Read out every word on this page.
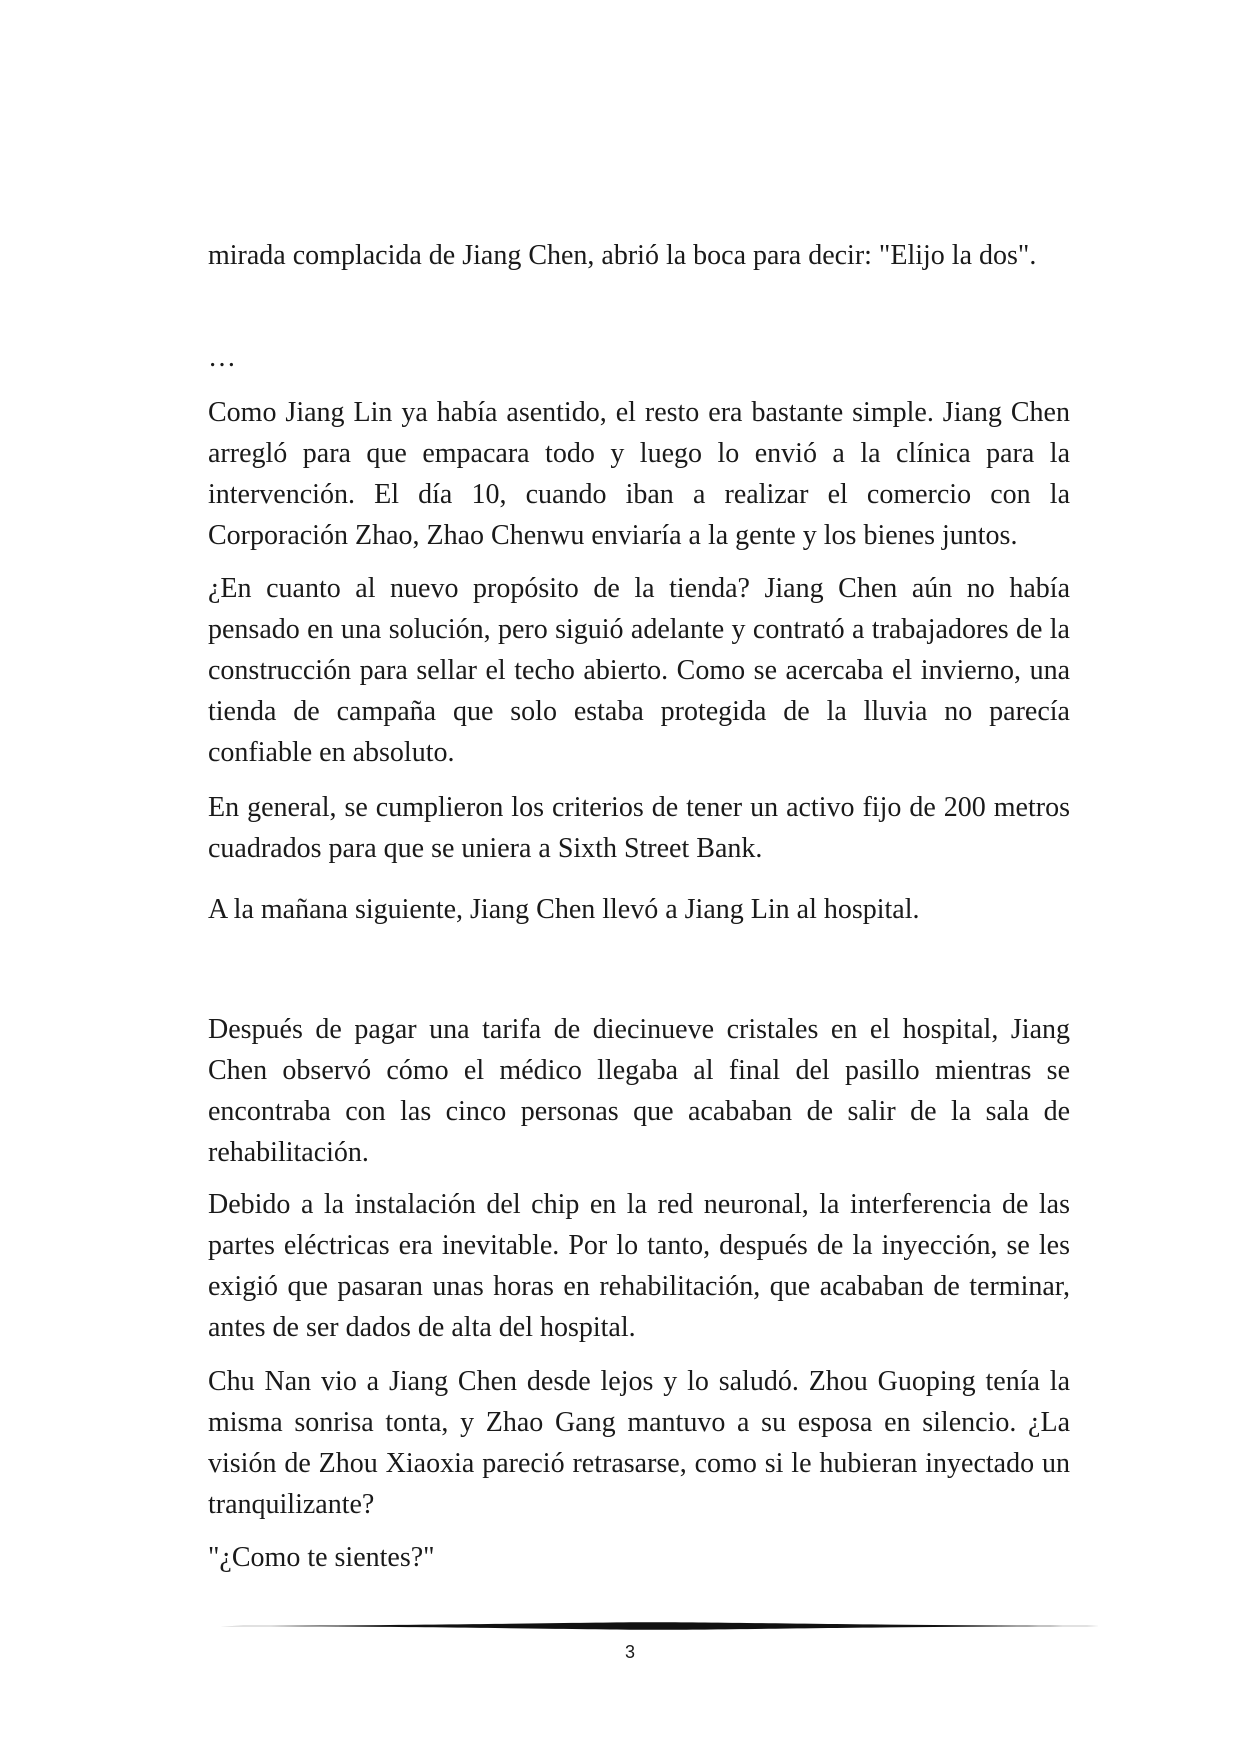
mirada complacida de Jiang Chen, abrió la boca para decir: "Elijo la dos".

…

Como Jiang Lin ya había asentido, el resto era bastante simple. Jiang Chen arregló para que empacara todo y luego lo envió a la clínica para la intervención. El día 10, cuando iban a realizar el comercio con la Corporación Zhao, Zhao Chenwu enviaría a la gente y los bienes juntos.

¿En cuanto al nuevo propósito de la tienda? Jiang Chen aún no había pensado en una solución, pero siguió adelante y contrató a trabajadores de la construcción para sellar el techo abierto. Como se acercaba el invierno, una tienda de campaña que solo estaba protegida de la lluvia no parecía confiable en absoluto.

En general, se cumplieron los criterios de tener un activo fijo de 200 metros cuadrados para que se uniera a Sixth Street Bank.

A la mañana siguiente, Jiang Chen llevó a Jiang Lin al hospital.

Después de pagar una tarifa de diecinueve cristales en el hospital, Jiang Chen observó cómo el médico llegaba al final del pasillo mientras se encontraba con las cinco personas que acababan de salir de la sala de rehabilitación.

Debido a la instalación del chip en la red neuronal, la interferencia de las partes eléctricas era inevitable. Por lo tanto, después de la inyección, se les exigió que pasaran unas horas en rehabilitación, que acababan de terminar, antes de ser dados de alta del hospital.

Chu Nan vio a Jiang Chen desde lejos y lo saludó. Zhou Guoping tenía la misma sonrisa tonta, y Zhao Gang mantuvo a su esposa en silencio. ¿La visión de Zhou Xiaoxia pareció retrasarse, como si le hubieran inyectado un tranquilizante?

"¿Como te sientes?"

3
